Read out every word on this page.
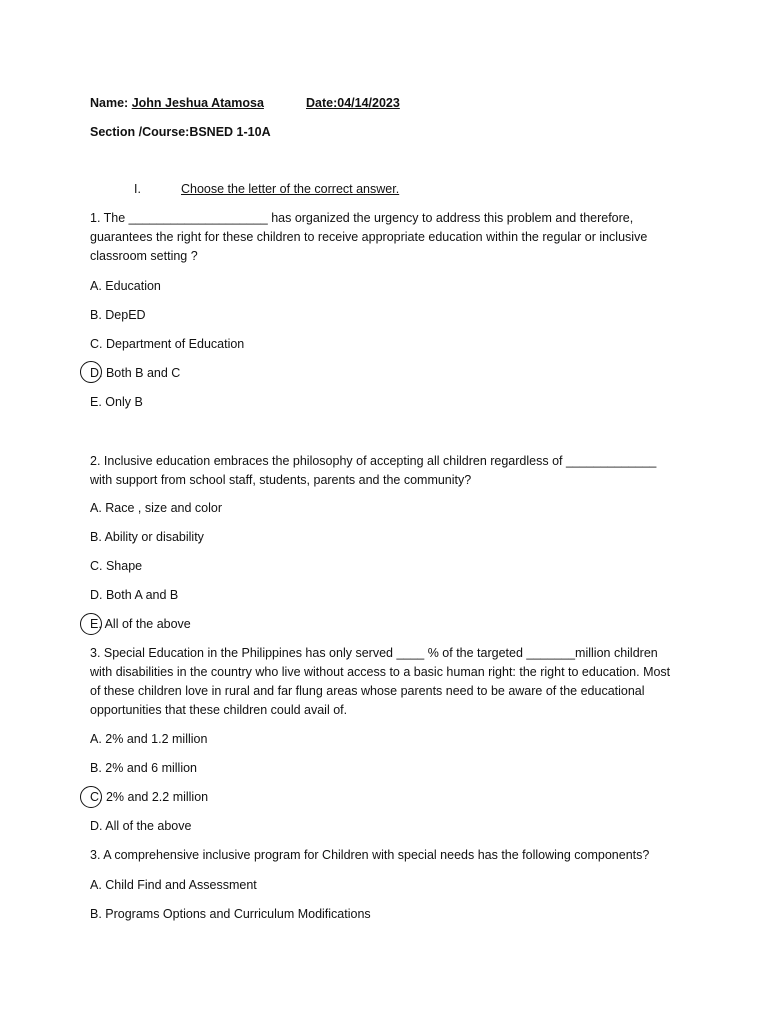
Name: John Jeshua Atamosa	Date:04/14/2023
Section /Course:BSNED 1-10A
I.	Choose the letter of the correct answer.
1. The ____________________ has organized the urgency to address this problem and therefore, guarantees the right for these children to receive appropriate education within the regular or inclusive classroom setting ?
A. Education
B. DepED
C. Department of Education
D. Both B and C
E. Only B
2. Inclusive education embraces the philosophy of accepting all children regardless of _____________ with support from school staff, students, parents and the community?
A. Race , size and color
B. Ability or disability
C. Shape
D. Both A and B
E. All of the above
3. Special Education in the Philippines has only served ____ % of the targeted _______million children with disabilities in the country who live without access to a basic human right: the right to education. Most of these children love in rural and far flung areas whose parents need to be aware of the educational opportunities that these children could avail of.
A. 2% and 1.2 million
B. 2% and 6 million
C. 2% and 2.2 million
D. All of the above
3. A comprehensive inclusive program for Children with special needs has the following components?
A. Child Find and Assessment
B. Programs Options and Curriculum Modifications
